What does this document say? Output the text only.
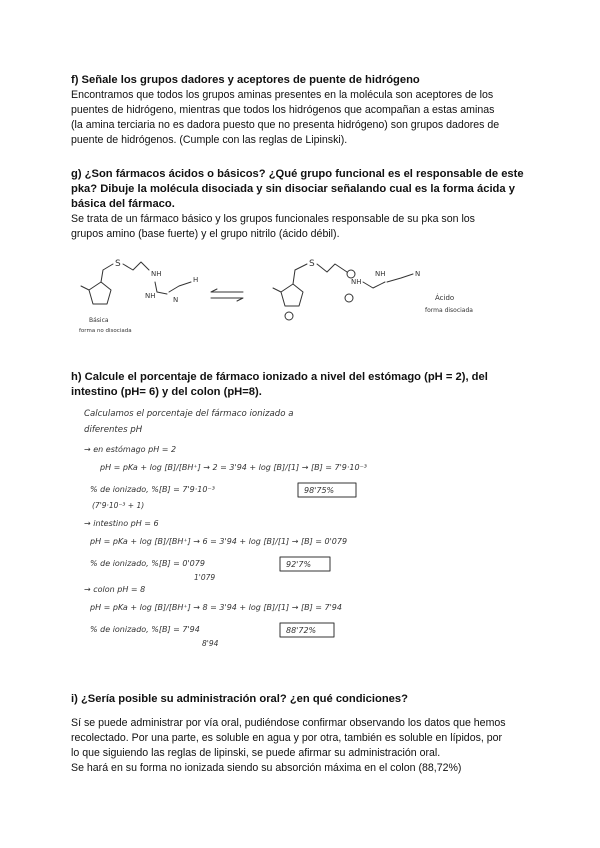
f) Señale los grupos dadores y aceptores de puente de hidrógeno
Encontramos que todos los grupos aminas presentes en la molécula son aceptores de los
puentes de hidrógeno, mientras que todos los hidrógenos que acompañan a estas aminas
(la amina terciaria no es dadora puesto que no presenta hidrógeno) son grupos dadores de
puente de hidrógenos. (Cumple con las reglas de Lipinski).
g) ¿Son fármacos ácidos o básicos? ¿Qué grupo funcional es el responsable de este
pka? Dibuje la molécula disociada y sin disociar señalando cual es la forma ácida y
básica del fármaco.
Se trata de un fármaco básico y los grupos funcionales responsable de su pka son los
grupos amino (base fuerte) y el grupo nitrilo (ácido débil).
S
NH
NH	N
H
Básica
forma no disociada
S
NH
NH	N
Ácido
forma disociada
h) Calcule el porcentaje de fármaco ionizado a nivel del estómago (pH = 2), del
intestino (pH= 6) y del colon (pH=8).
Calculamos el porcentaje del fármaco ionizado a
diferentes pH
→ en estómago pH = 2
pH = pKa + log [B]/[BH⁺] → 2 = 3'94 + log [B]/[1] → [B] = 7'9·10⁻³
% de ionizado, %[B] = 7'9·10⁻³
(7'9·10⁻³ + 1)
98'75%
→ intestino pH = 6
pH = pKa + log [B]/[BH⁺] → 6 = 3'94 + log [B]/[1] → [B] = 0'079
% de ionizado, %[B] = 0'079
1'079
92'7%
→ colon pH = 8
pH = pKa + log [B]/[BH⁺] → 8 = 3'94 + log [B]/[1] → [B] = 7'94
% de ionizado, %[B] = 7'94
8'94
88'72%
i) ¿Sería posible su administración oral? ¿en qué condiciones?
Sí se puede administrar por vía oral, pudiéndose confirmar observando los datos que hemos
recolectado. Por una parte, es soluble en agua y por otra, también es soluble en lípidos, por
lo que siguiendo las reglas de lipinski, se puede afirmar su administración oral.
Se hará en su forma no ionizada siendo su absorción máxima en el colon (88,72%)
